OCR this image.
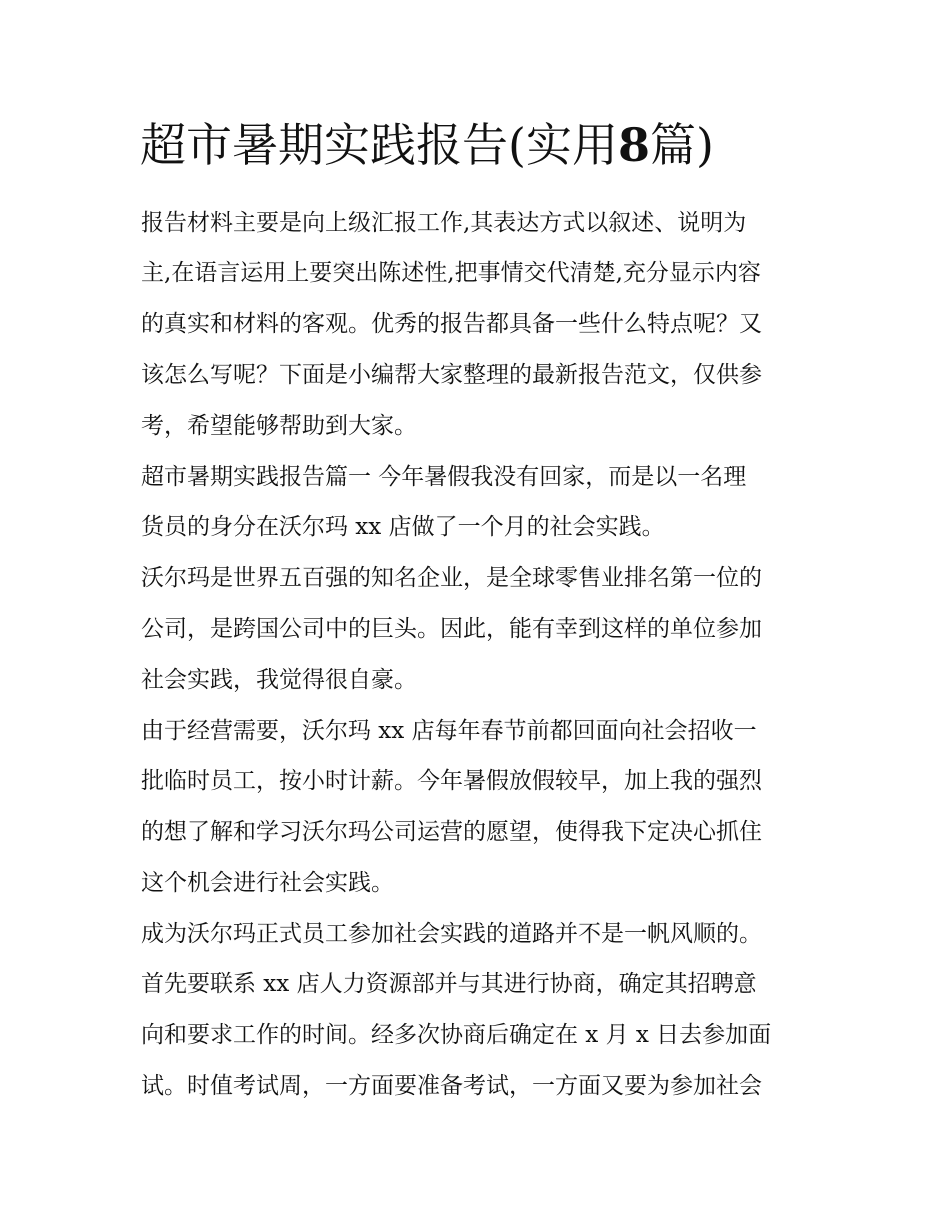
超市暑期实践报告(实用8篇)

报告材料主要是向上级汇报工作,其表达方式以叙述、说明为

主,在语言运用上要突出陈述性,把事情交代清楚,充分显示内容

的真实和材料的客观。优秀的报告都具备一些什么特点呢？又

该怎么写呢？下面是小编帮大家整理的最新报告范文，仅供参

考，希望能够帮助到大家。

超市暑期实践报告篇一 今年暑假我没有回家，而是以一名理

货员的身分在沃尔玛 xx 店做了一个月的社会实践。

沃尔玛是世界五百强的知名企业，是全球零售业排名第一位的

公司，是跨国公司中的巨头。因此，能有幸到这样的单位参加

社会实践，我觉得很自豪。

由于经营需要，沃尔玛 xx 店每年春节前都回面向社会招收一

批临时员工，按小时计薪。今年暑假放假较早，加上我的强烈

的想了解和学习沃尔玛公司运营的愿望，使得我下定决心抓住

这个机会进行社会实践。

成为沃尔玛正式员工参加社会实践的道路并不是一帆风顺的。

首先要联系 xx 店人力资源部并与其进行协商，确定其招聘意

向和要求工作的时间。经多次协商后确定在 x 月 x 日去参加面

试。时值考试周，一方面要准备考试，一方面又要为参加社会
